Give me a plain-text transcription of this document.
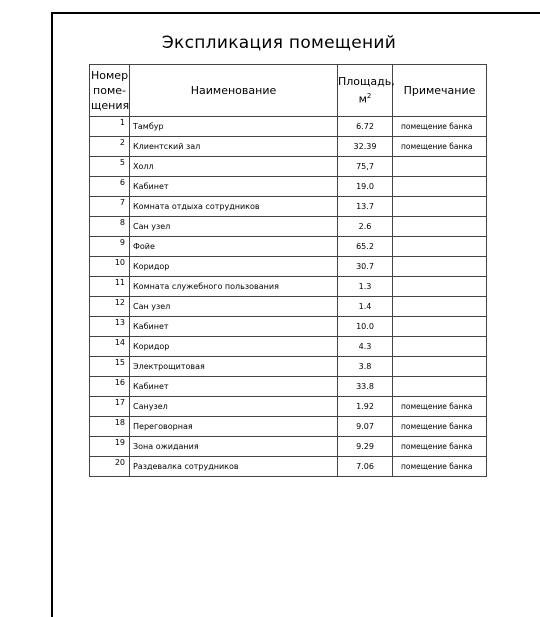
Экспликация помещений
Номер поме- щения	Наименование	Площадь, $м^2$	Примечание
1	Тамбур	6.72	помещение банка
2	Клиентский зал	32.39	помещение банка
5	Холл	75,7	
6	Кабинет	19.0	
7	Комната отдыха сотрудников	13.7	
8	Сан узел	2.6	
9	Фойе	65.2	
10	Коридор	30.7	
11	Комната служебного пользования	1.3	
12	Сан узел	1.4	
13	Кабинет	10.0	
14	Коридор	4.3	
15	Электрощитовая	3.8	
16	Кабинет	33.8	
17	Санузел	1.92	помещение банка
18	Переговорная	9.07	помещение банка
19	Зона ожидания	9.29	помещение банка
20	Раздевалка сотрудников	7.06	помещение банка
